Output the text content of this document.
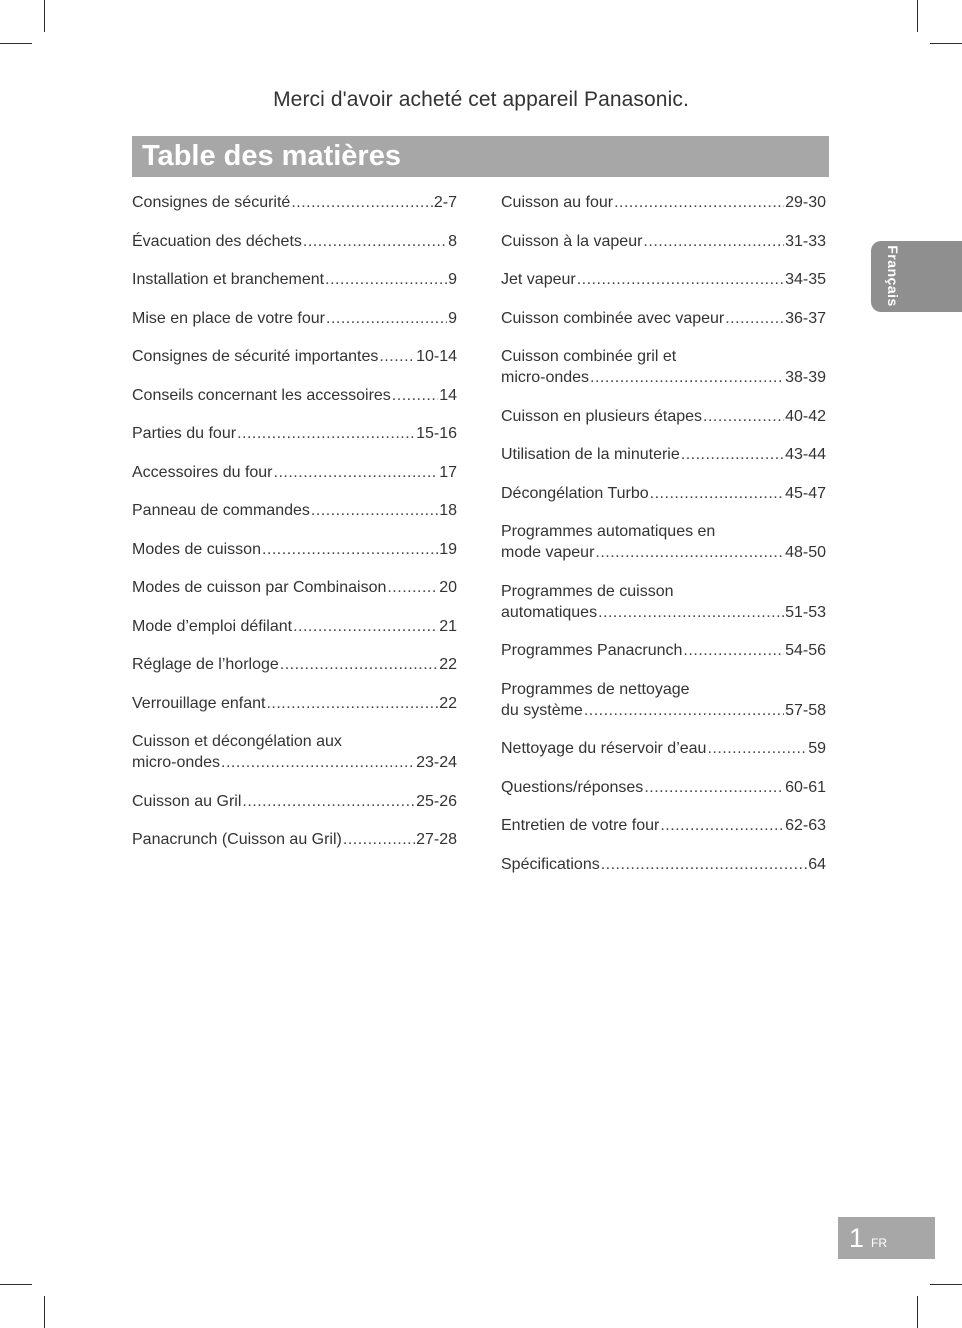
Merci d'avoir acheté cet appareil Panasonic.
Table des matières
Consignes de sécurité .....	2-7
Évacuation des déchets .....	8
Installation et branchement .....	9
Mise en place de votre four .....	9
Consignes de sécurité importantes ..... 10-14
Conseils concernant les accessoires .....	14
Parties du four .....	15-16
Accessoires du four .....	17
Panneau de commandes .....	18
Modes de cuisson .....	19
Modes de cuisson par Combinaison .....	20
Mode d’emploi défilant .....	21
Réglage de l’horloge .....	22
Verrouillage enfant .....	22
Cuisson et décongélation aux
micro-ondes .....	23-24
Cuisson au Gril .....	25-26
Panacrunch (Cuisson au Gril) .....	27-28
Cuisson au four .....	29-30
Cuisson à la vapeur .....	31-33
Jet vapeur .....	34-35
Cuisson combinée avec vapeur .....	36-37
Cuisson combinée gril et
micro-ondes .....	38-39
Cuisson en plusieurs étapes .....	40-42
Utilisation de la minuterie .....	43-44
Décongélation Turbo .....	45-47
Programmes automatiques en
mode vapeur .....	48-50
Programmes de cuisson
automatiques .....	51-53
Programmes Panacrunch .....	54-56
Programmes de nettoyage
du système .....	57-58
Nettoyage du réservoir d’eau .....	59
Questions/réponses .....	60-61
Entretien de votre four .....	62-63
Spécifications .....	64
Français
1 FR
